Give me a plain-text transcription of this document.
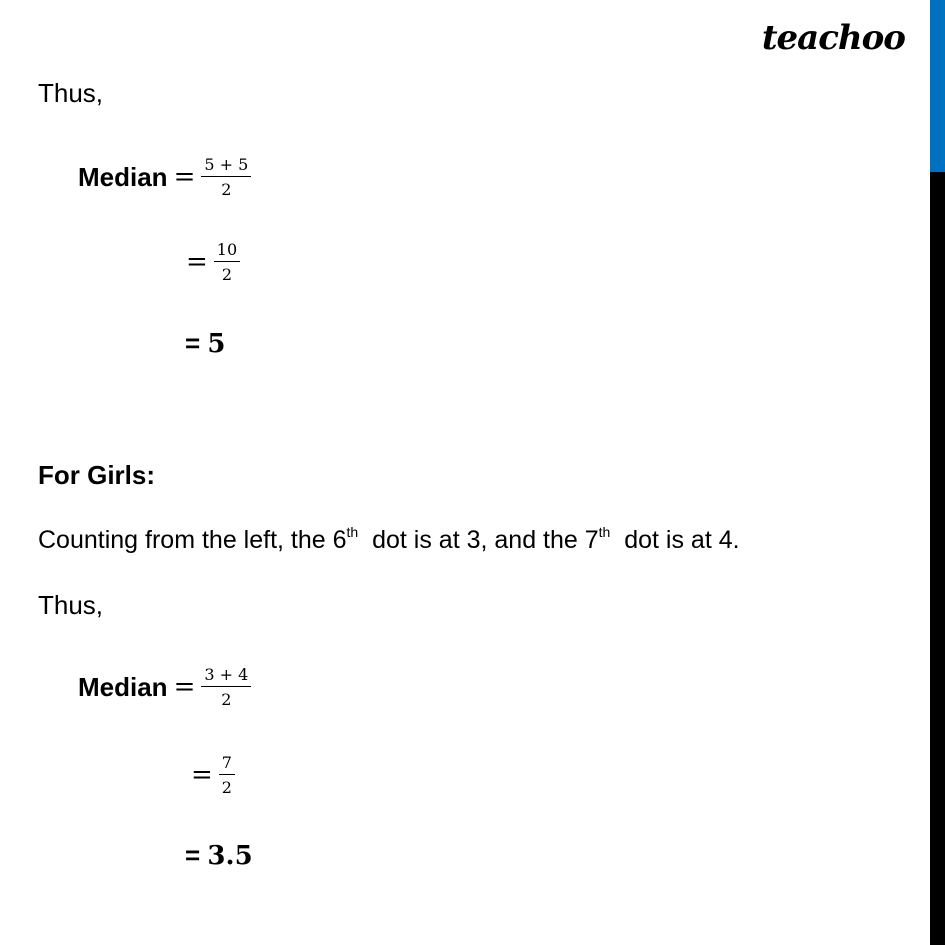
teachoo
Thus,
Median = $\frac{5 + 5}{2}$
= $\frac{10}{2}$
= 5
For Girls:
Counting from the left, the 6th  dot is at 3, and the 7th  dot is at 4.
Thus,
Median = $\frac{3 + 4}{2}$
= $\frac{7}{2}$
= 3.5
